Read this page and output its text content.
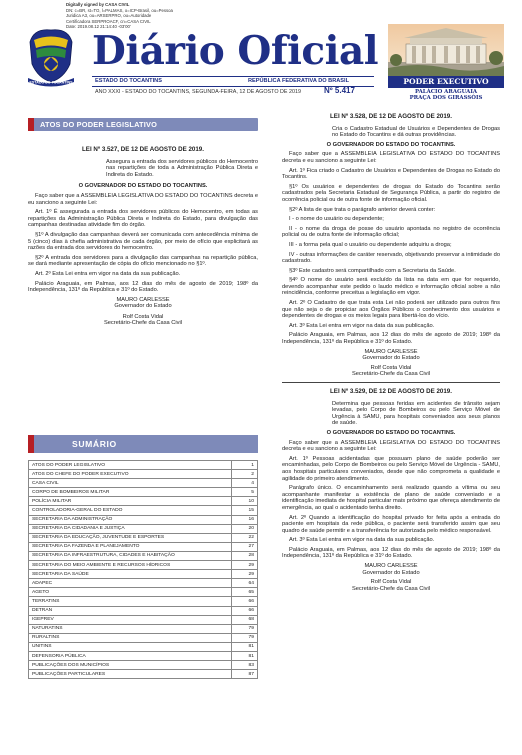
Digitally signed by CASA CIVIL
DN: c=BR, st=TO, l=PALMAS, o=ICP-Brasil, ou=Pessoa
Juridica A3, ou=ARSERPRO, ou=Autoridade
Certificadora SERPROACF, cn=CASA CIVIL
Date: 2019.08.12 21:14:40 -03'00'
ESTADO DO TOCANTINS
Diário Oficial
ESTADO DO TOCANTINS	REPÚBLICA FEDERATIVA DO BRASIL
ANO XXXI - ESTADO DO TOCANTINS, SEGUNDA-FEIRA, 12 DE AGOSTO DE 2019	Nº 5.417
PODER EXECUTIVO
PALÁCIO ARAGUAIA
PRAÇA DOS GIRASSÓIS
ATOS DO PODER LEGISLATIVO
LEI Nº 3.527, DE 12 DE AGOSTO DE 2019.

Assegura a entrada dos servidores públicos do Hemocentro nas repartições de toda a Administração Pública Direta e Indireta do Estado.

O GOVERNADOR DO ESTADO DO TOCANTINS.

Faço saber que a ASSEMBLEIA LEGISLATIVA DO ESTADO DO TOCANTINS decreta e eu sanciono a seguinte Lei:

Art. 1º É assegurada a entrada dos servidores públicos do Hemocentro, em todas as repartições da Administração Pública Direta e Indireta do Estado, para divulgação das campanhas destinadas atividade fim do órgão.

§1º A divulgação das campanhas deverá ser comunicada com antecedência mínima de 5 (cinco) dias à chefia administrativa de cada órgão, por meio de ofício que explicitará as razões da entrada dos servidores do hemocentro.

§2º A entrada dos servidores para a divulgação das campanhas na repartição pública, se dará mediante apresentação de cópia do ofício mencionado no §1º.

Art. 2º Esta Lei entra em vigor na data da sua publicação.

Palácio Araguaia, em Palmas, aos 12 dias do mês de agosto de 2019; 198º da Independência, 131º da República e 31º do Estado.

MAURO CARLESSE

Governador do Estado

Rolf Costa Vidal

Secretário-Chefe da Casa Civil

SUMÁRIO
ATOS DO PODER LEGISLATIVO	1
ATOS DO CHEFE DO PODER EXECUTIVO	2
CASA CIVIL	4
CORPO DE BOMBEIROS MILITAR	5
POLÍCIA MILITAR	10
CONTROLADORIA-GERAL DO ESTADO	15
SECRETARIA DA ADMINISTRAÇÃO	16
SECRETARIA DA CIDADANIA E JUSTIÇA	20
SECRETARIA DA EDUCAÇÃO, JUVENTUDE E ESPORTES	22
SECRETARIA DA FAZENDA E PLANEJAMENTO	27
SECRETARIA DA INFRAESTRUTURA, CIDADES E HABITAÇÃO	28
SECRETARIA DO MEIO AMBIENTE E RECURSOS HÍDRICOS	29
SECRETARIA DA SAÚDE	29
ADAPEC	64
AGETO	65
TERRATINS	66
DETRAN	66
IGEPREV	68
NATURATINS	79
RURALTINS	79
UNITINS	81
DEFENSORIA PÚBLICA	81
PUBLICAÇÕES DOS MUNICÍPIOS	83
PUBLICAÇÕES PARTICULARES	87
LEI Nº 3.528, DE 12 DE AGOSTO DE 2019.

Cria o Cadastro Estadual de Usuários e Dependentes de Drogas no Estado do Tocantins e dá outras providências.

O GOVERNADOR DO ESTADO DO TOCANTINS.

Faço saber que a ASSEMBLEIA LEGISLATIVA DO ESTADO DO TOCANTINS decreta e eu sanciono a seguinte Lei:

Art. 1º Fica criado o Cadastro de Usuários e Dependentes de Drogas no Estado do Tocantins.

§1º Os usuários e dependentes de drogas do Estado do Tocantins serão cadastrados pela Secretaria Estadual de Segurança Pública, a partir do registro de ocorrência policial ou de outra fonte de informação oficial.

§2º A lista de que trata o parágrafo anterior deverá conter:

I - o nome do usuário ou dependente;

II - o nome da droga de posse do usuário apontada no registro de ocorrência policial ou de outra fonte de informação oficial;

III - a forma pela qual o usuário ou dependente adquiriu a droga;

IV - outras informações de caráter reservado, objetivando preservar a intimidade do cadastrado.

§3º Este cadastro será compartilhado com a Secretaria da Saúde.

§4º O nome do usuário será excluído da lista na data em que for requerido, devendo acompanhar este pedido o laudo médico e informação oficial sobre a não reincidência, conforme preceitua a legislação em vigor.

Art. 2º O Cadastro de que trata esta Lei não poderá ser utilizado para outros fins que não seja o de propiciar aos Órgãos Públicos o conhecimento dos usuários e dependentes de drogas e os meios legais para libertá-los do vício.

Art. 3º Esta Lei entra em vigor na data da sua publicação.

Palácio Araguaia, em Palmas, aos 12 dias do mês de agosto de 2019; 198º da Independência, 131º da República e 31º do Estado.

MAURO CARLESSE

Governador do Estado

Rolf Costa Vidal

Secretário-Chefe da Casa Civil

LEI Nº 3.529, DE 12 DE AGOSTO DE 2019.

Determina que pessoas feridas em acidentes de trânsito sejam levadas, pelo Corpo de Bombeiros ou pelo Serviço Móvel de Urgência à SAMU, para hospitais conveniados aos seus planos de saúde.

O GOVERNADOR DO ESTADO DO TOCANTINS.

Faço saber que a ASSEMBLEIA LEGISLATIVA DO ESTADO DO TOCANTINS decreta e eu sanciono a seguinte Lei:

Art. 1º Pessoas acidentadas que possuam plano de saúde poderão ser encaminhadas, pelo Corpo de Bombeiros ou pelo Serviço Móvel de Urgência - SAMU, aos hospitais particulares conveniados, desde que não comprometa a qualidade e agilidade do primeiro atendimento.

Parágrafo único. O encaminhamento será realizado quando a vítima ou seu acompanhante manifestar a existência de plano de saúde conveniado e a identificação imediata de hospital particular mais próximo que ofereça atendimento de emergência, ao qual o acidentado tenha direito.

Art. 2º Quando a identificação do hospital privado for feita após a entrada do paciente em hospitais da rede pública, o paciente será transferido assim que seu quadro de saúde permitir e a transferência for autorizada pelo médico responsável.

Art. 3º Esta Lei entra em vigor na data da sua publicação.

Palácio Araguaia, em Palmas, aos 12 dias do mês de agosto de 2019; 198º da Independência, 131º da República e 31º do Estado.

MAURO CARLESSE

Governador do Estado

Rolf Costa Vidal

Secretário-Chefe da Casa Civil
